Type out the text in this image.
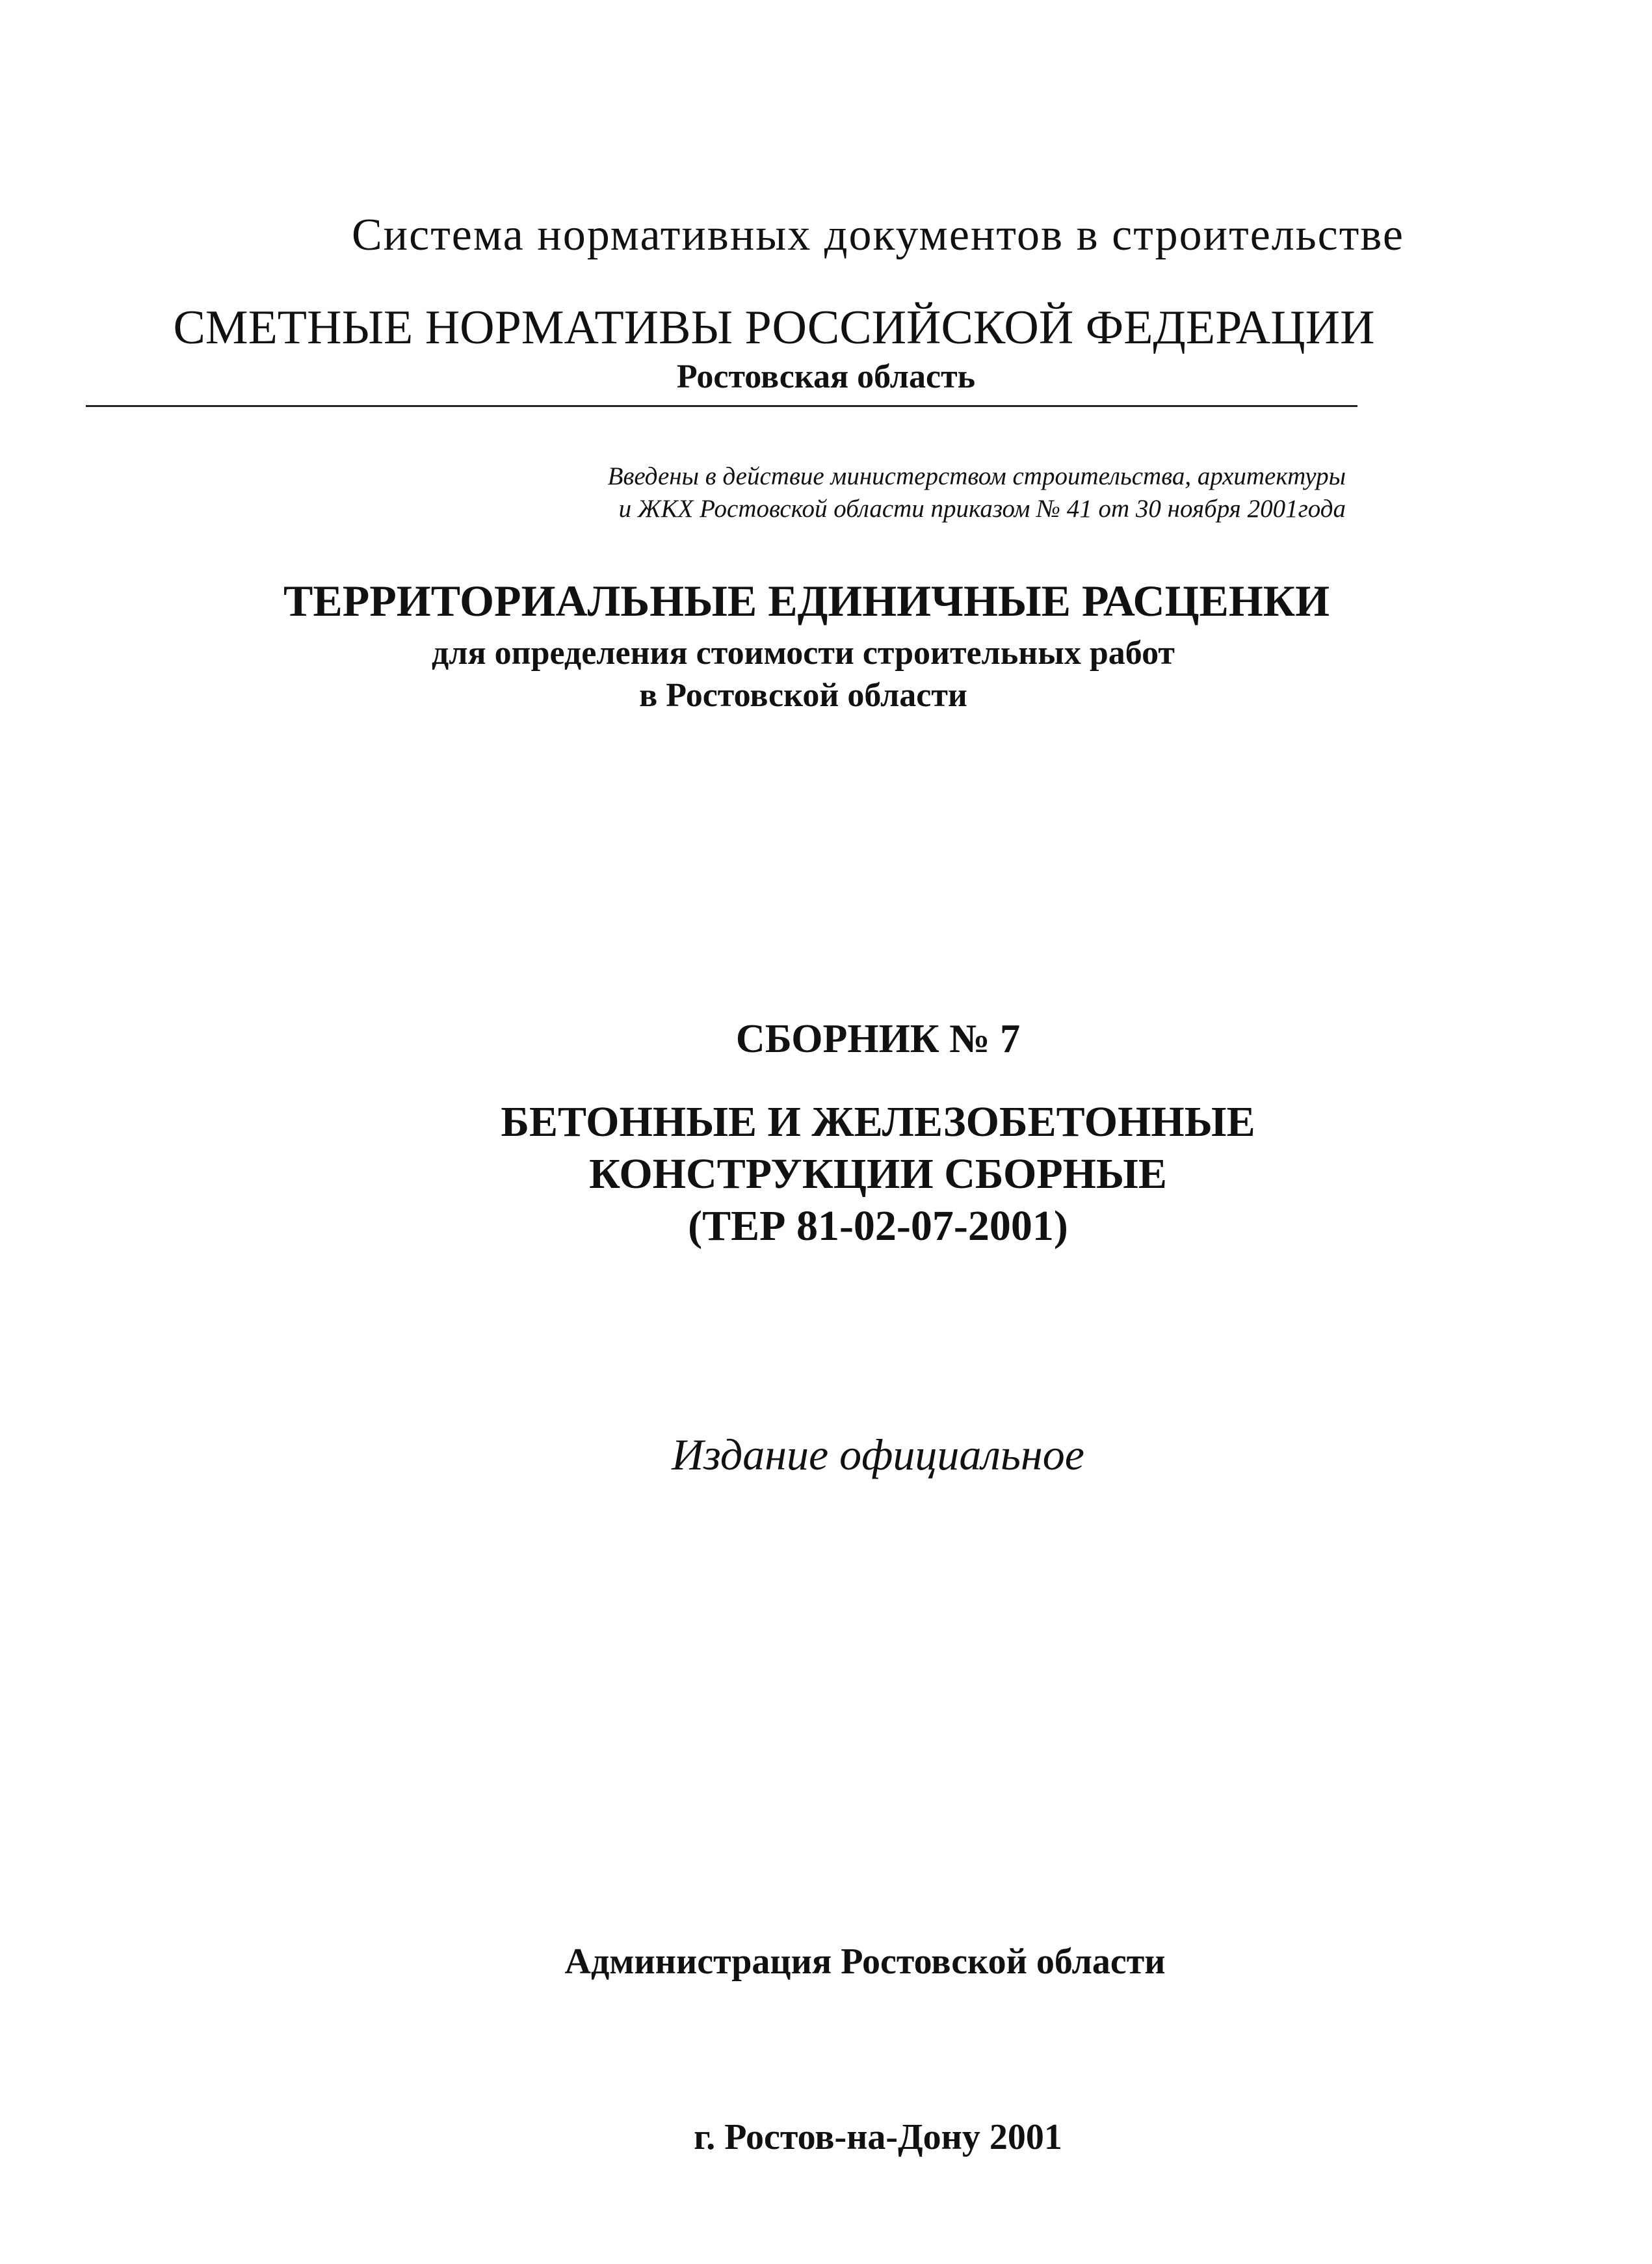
Система нормативных документов в строительстве

СМЕТНЫЕ НОРМАТИВЫ РОССИЙСКОЙ ФЕДЕРАЦИИ

Ростовская область

Введены в действие министерством строительства, архитектуры

и ЖКХ Ростовской области приказом № 41 от 30 ноября 2001года

ТЕРРИТОРИАЛЬНЫЕ ЕДИНИЧНЫЕ РАСЦЕНКИ

для определения стоимости строительных работ

в Ростовской области

СБОРНИК № 7

БЕТОННЫЕ И ЖЕЛЕЗОБЕТОННЫЕ

КОНСТРУКЦИИ СБОРНЫЕ

(ТЕР 81-02-07-2001)

Издание официальное

Администрация Ростовской области

г. Ростов-на-Дону 2001
